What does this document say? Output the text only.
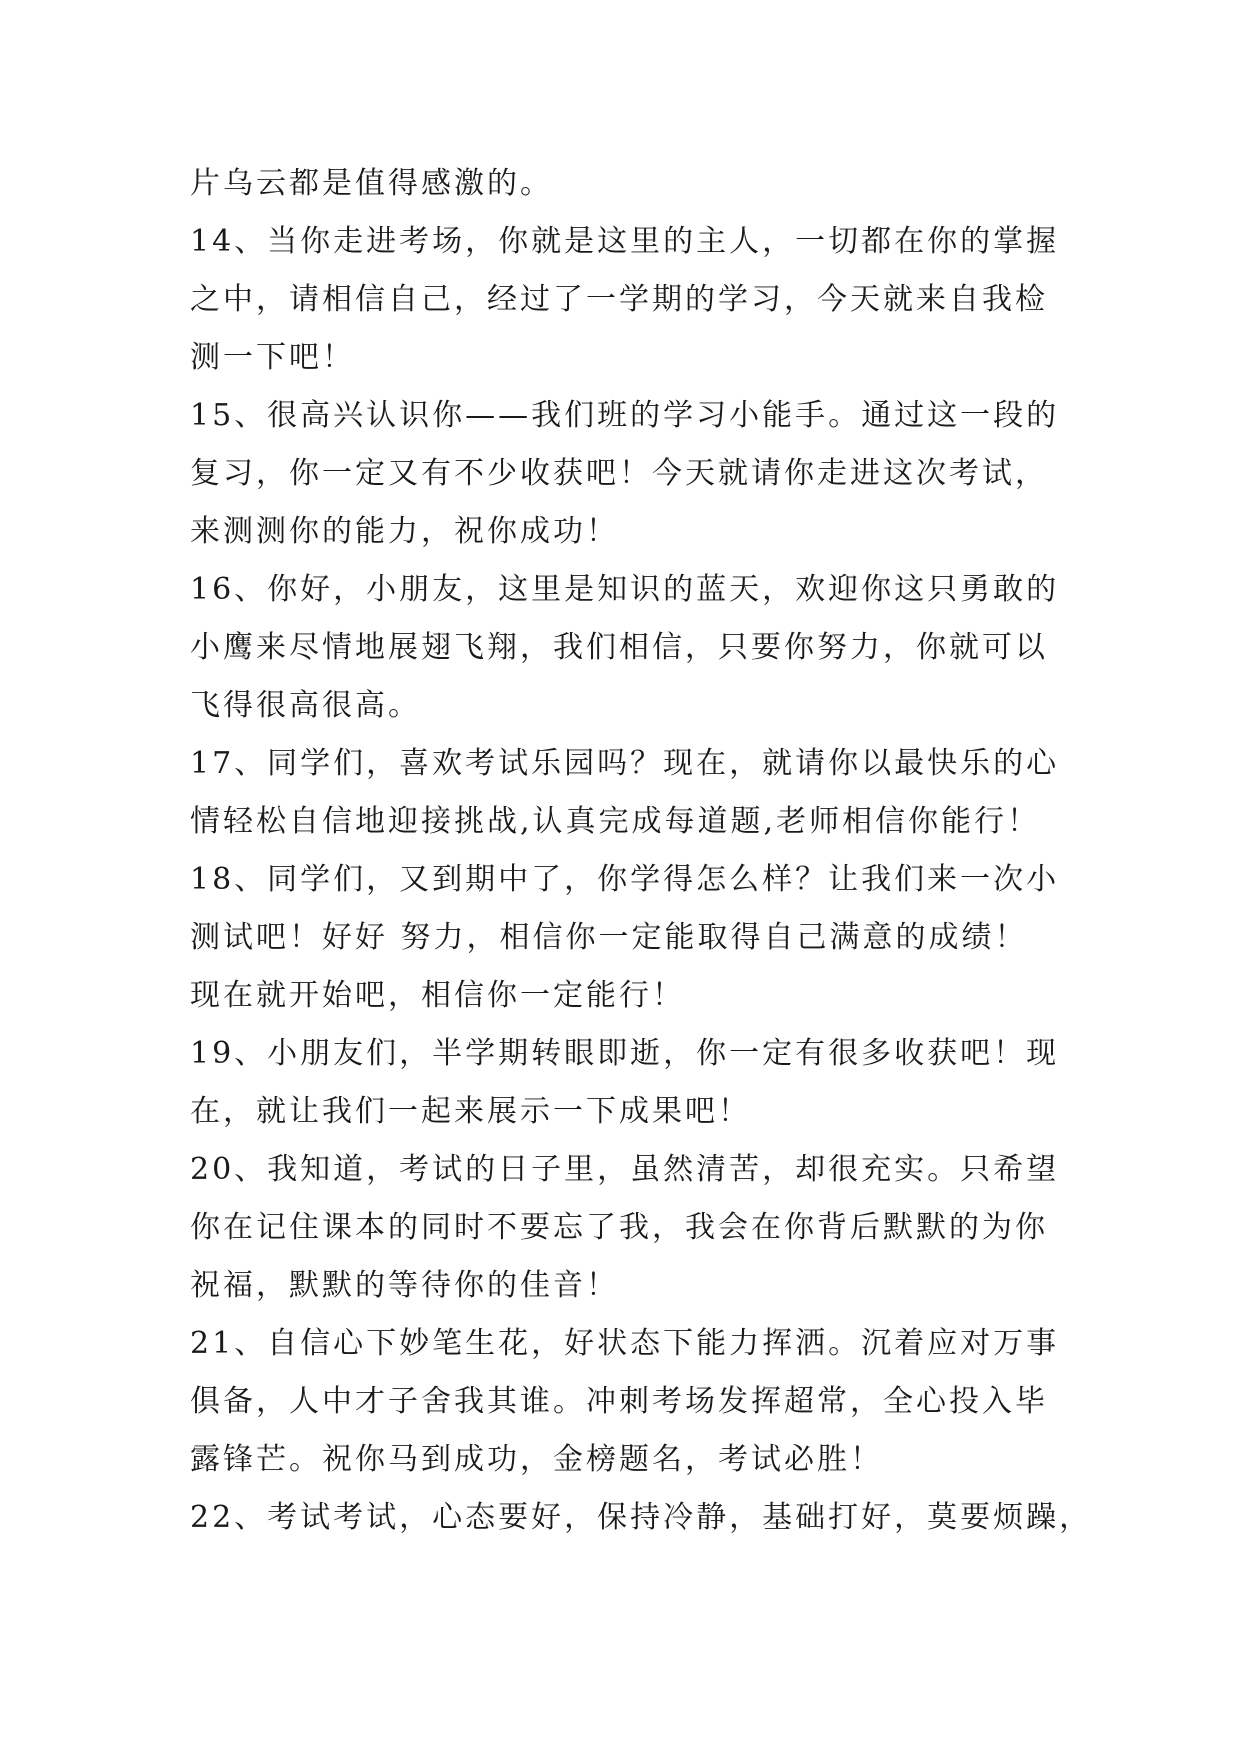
片乌云都是值得感激的。
14、当你走进考场，你就是这里的主人，一切都在你的掌握
之中，请相信自己，经过了一学期的学习，今天就来自我检
测一下吧！
15、很高兴认识你——我们班的学习小能手。通过这一段的
复习，你一定又有不少收获吧！今天就请你走进这次考试，
来测测你的能力，祝你成功！
16、你好，小朋友，这里是知识的蓝天，欢迎你这只勇敢的
小鹰来尽情地展翅飞翔，我们相信，只要你努力，你就可以
飞得很高很高。
17、同学们，喜欢考试乐园吗？现在，就请你以最快乐的心
情轻松自信地迎接挑战,认真完成每道题,老师相信你能行！
18、同学们，又到期中了，你学得怎么样？让我们来一次小
测试吧！好好 努力，相信你一定能取得自己满意的成绩！
现在就开始吧，相信你一定能行！
19、小朋友们，半学期转眼即逝，你一定有很多收获吧！现
在，就让我们一起来展示一下成果吧！
20、我知道，考试的日子里，虽然清苦，却很充实。只希望
你在记住课本的同时不要忘了我，我会在你背后默默的为你
祝福，默默的等待你的佳音！
21、自信心下妙笔生花，好状态下能力挥洒。沉着应对万事
俱备，人中才子舍我其谁。冲刺考场发挥超常，全心投入毕
露锋芒。祝你马到成功，金榜题名，考试必胜！
22、考试考试，心态要好，保持冷静，基础打好，莫要烦躁，
